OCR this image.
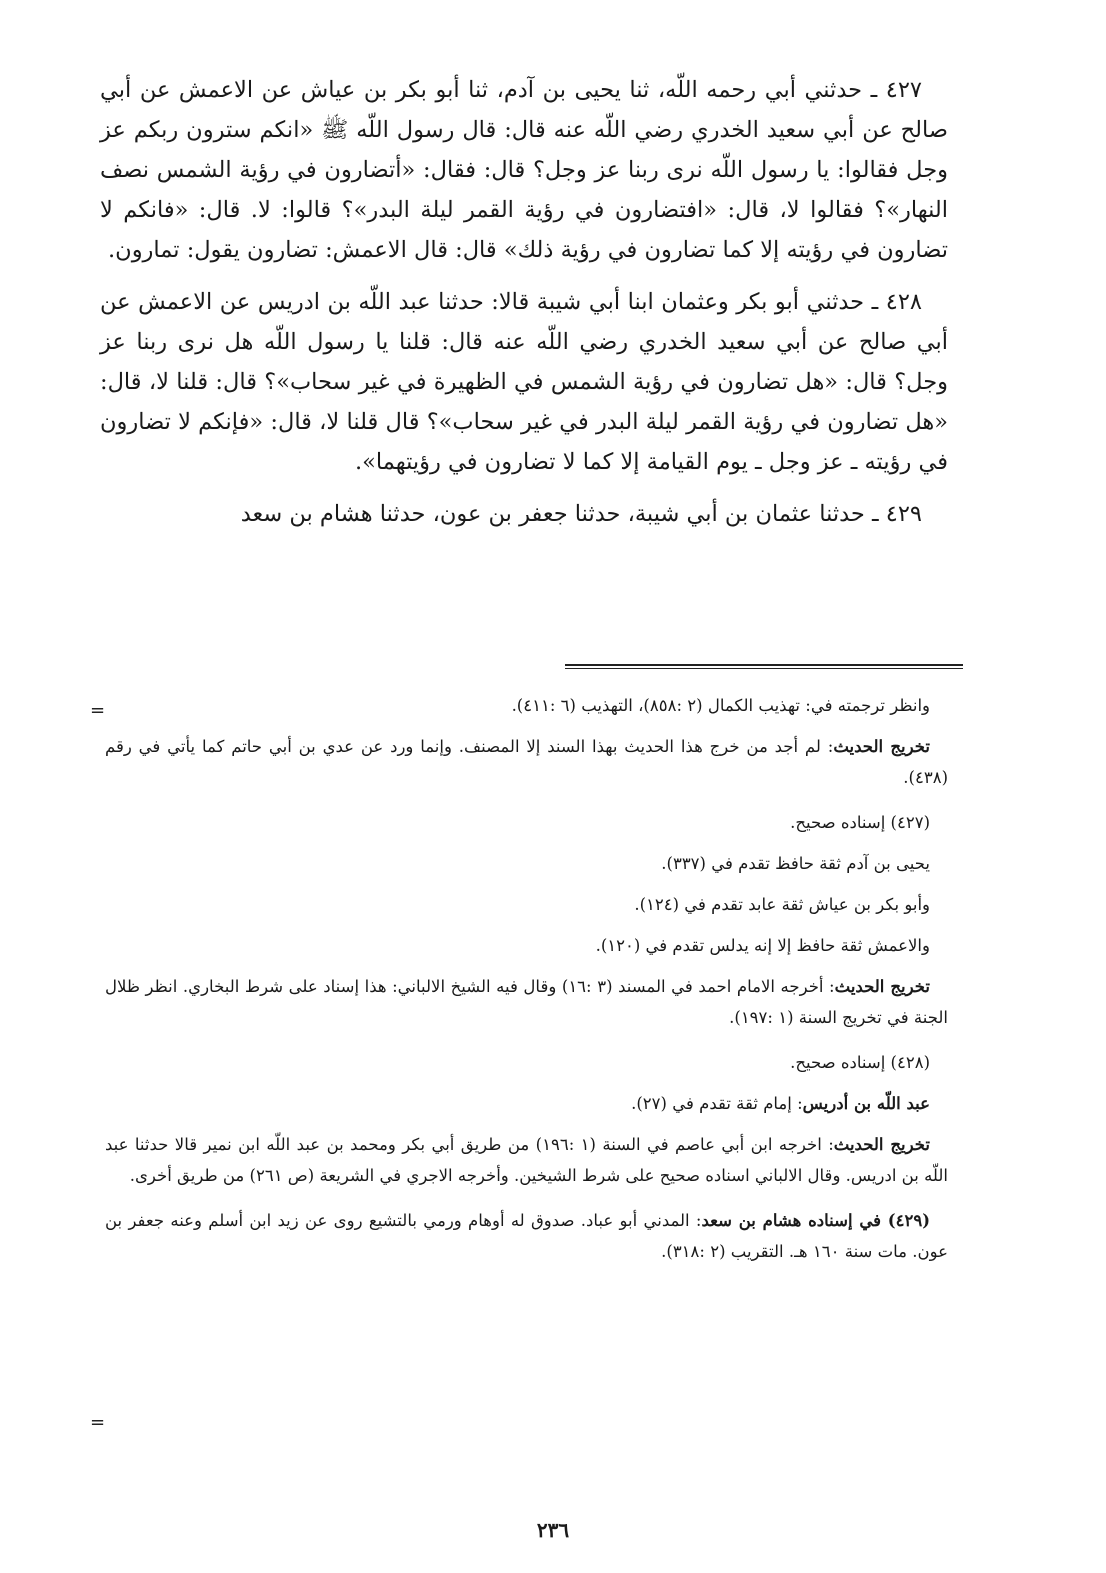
٤٢٧ ـ حدثني أبي رحمه اللّه، ثنا يحيى بن آدم، ثنا أبو بكر بن عياش عن الاعمش عن أبي صالح عن أبي سعيد الخدري رضي اللّه عنه قال: قال رسول اللّه ﷺ «انكم سترون ربكم عز وجل فقالوا: يا رسول اللّه نرى ربنا عز وجل؟ قال: فقال: «أتضارون في رؤية الشمس نصف النهار»؟ فقالوا لا، قال: «افتضارون في رؤية القمر ليلة البدر»؟ قالوا: لا. قال: «فانكم لا تضارون في رؤيته إلا كما تضارون في رؤية ذلك» قال: قال الاعمش: تضارون يقول: تمارون.

٤٢٨ ـ حدثني أبو بكر وعثمان ابنا أبي شيبة قالا: حدثنا عبد اللّه بن ادريس عن الاعمش عن أبي صالح عن أبي سعيد الخدري رضي اللّه عنه قال: قلنا يا رسول اللّه هل نرى ربنا عز وجل؟ قال: «هل تضارون في رؤية الشمس في الظهيرة في غير سحاب»؟ قال: قلنا لا، قال: «هل تضارون في رؤية القمر ليلة البدر في غير سحاب»؟ قال قلنا لا، قال: «فإنكم لا تضارون في رؤيته ـ عز وجل ـ يوم القيامة إلا كما لا تضارون في رؤيتهما».

٤٢٩ ـ حدثنا عثمان بن أبي شيبة، حدثنا جعفر بن عون، حدثنا هشام بن سعد

=	وانظر ترجمته في: تهذيب الكمال (٢ :٨٥٨)، التهذيب (٦ :٤١١).

تخريج الحديث: لم أجد من خرج هذا الحديث بهذا السند إلا المصنف. وإنما ورد عن عدي بن أبي حاتم كما يأتي في رقم (٤٣٨).

(٤٢٧) إسناده صحيح.

يحيى بن آدم ثقة حافظ تقدم في (٣٣٧).

وأبو بكر بن عياش ثقة عابد تقدم في (١٢٤).

والاعمش ثقة حافظ إلا إنه يدلس تقدم في (١٢٠).

تخريج الحديث: أخرجه الامام احمد في المسند (٣ :١٦) وقال فيه الشيخ الالباني: هذا إسناد على شرط البخاري. انظر ظلال الجنة في تخريج السنة (١ :١٩٧).

(٤٢٨) إسناده صحيح.

عبد اللّه بن أدريس: إمام ثقة تقدم في (٢٧).

تخريج الحديث: اخرجه ابن أبي عاصم في السنة (١ :١٩٦) من طريق أبي بكر ومحمد بن عبد اللّه ابن نمير قالا حدثنا عبد اللّه بن ادريس. وقال الالباني اسناده صحيح على شرط الشيخين. وأخرجه الاجري في الشريعة (ص ٢٦١) من طريق أخرى.

(٤٢٩) في إسناده هشام بن سعد: المدني أبو عباد. صدوق له أوهام ورمي بالتشيع روى عن زيد ابن أسلم وعنه جعفر بن عون. مات سنة ١٦٠ هـ. التقريب (٢ :٣١٨).

=
٢٣٦
